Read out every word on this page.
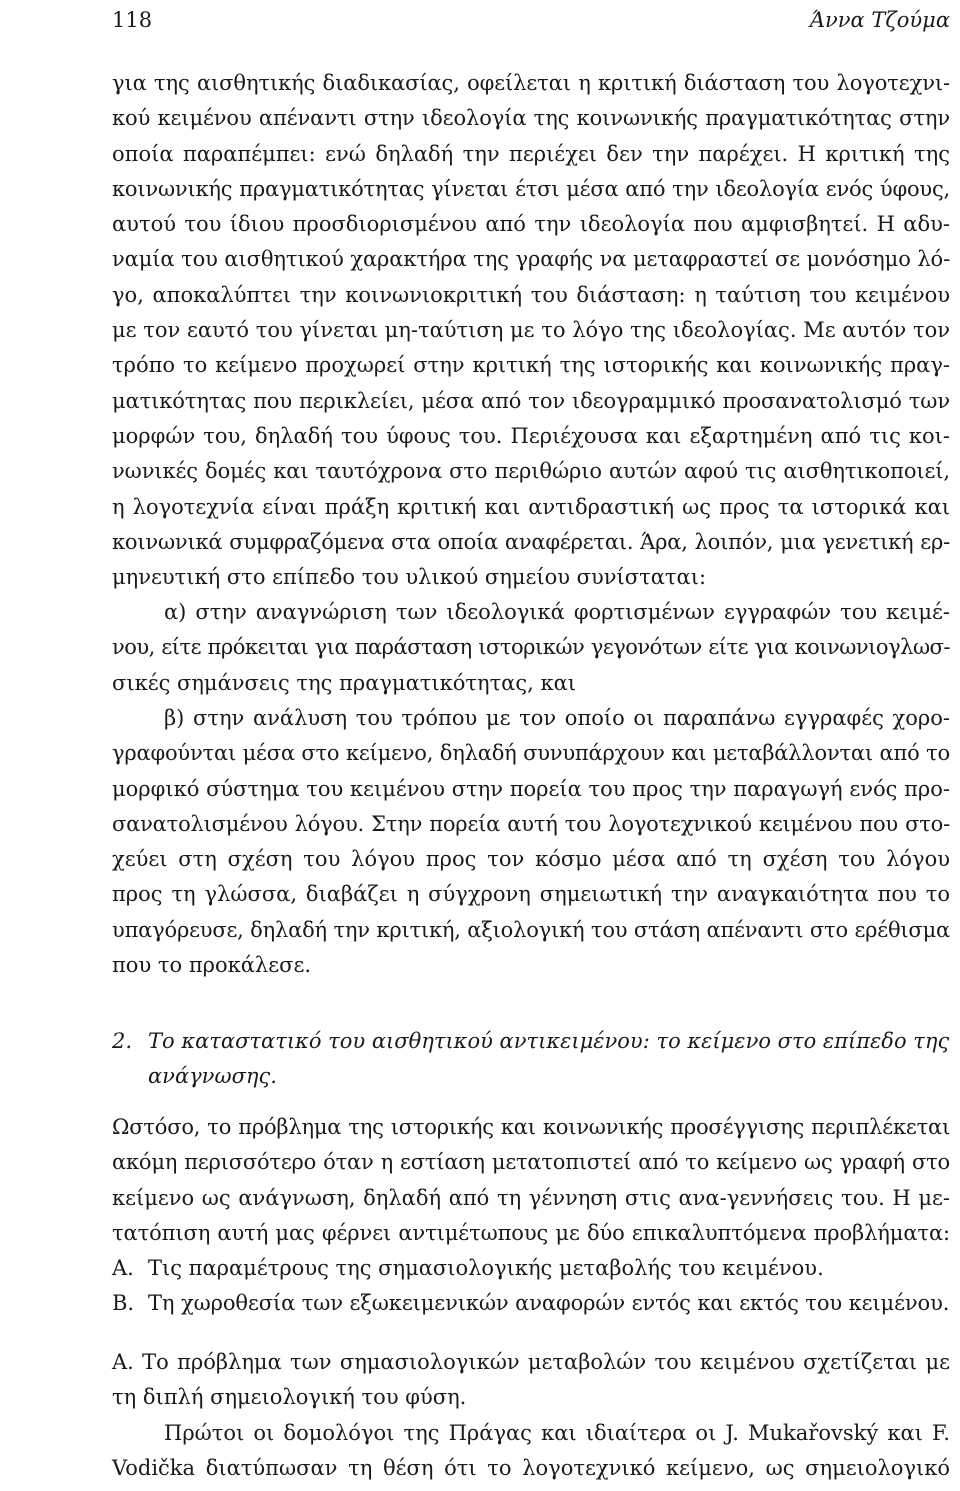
118	Άννα Τζούμα
για της αισθητικής διαδικασίας, οφείλεται η κριτική διάσταση του λογοτεχνι-
κού κειμένου απέναντι στην ιδεολογία της κοινωνικής πραγματικότητας στην
οποία παραπέμπει: ενώ δηλαδή την περιέχει δεν την παρέχει. Η κριτική της
κοινωνικής πραγματικότητας γίνεται έτσι μέσα από την ιδεολογία ενός ύφους,
αυτού του ίδιου προσδιορισμένου από την ιδεολογία που αμφισβητεί. Η αδυ-
ναμία του αισθητικού χαρακτήρα της γραφής να μεταφραστεί σε μονόσημο λό-
γο, αποκαλύπτει την κοινωνιοκριτική του διάσταση: η ταύτιση του κειμένου
με τον εαυτό του γίνεται μη-ταύτιση με το λόγο της ιδεολογίας. Με αυτόν τον
τρόπο το κείμενο προχωρεί στην κριτική της ιστορικής και κοινωνικής πραγ-
ματικότητας που περικλείει, μέσα από τον ιδεογραμμικό προσανατολισμό των
μορφών του, δηλαδή του ύφους του. Περιέχουσα και εξαρτημένη από τις κοι-
νωνικές δομές και ταυτόχρονα στο περιθώριο αυτών αφού τις αισθητικοποιεί,
η λογοτεχνία είναι πράξη κριτική και αντιδραστική ως προς τα ιστορικά και
κοινωνικά συμφραζόμενα στα οποία αναφέρεται. Άρα, λοιπόν, μια γενετική ερ-
μηνευτική στο επίπεδο του υλικού σημείου συνίσταται:
α) στην αναγνώριση των ιδεολογικά φορτισμένων εγγραφών του κειμέ-
νου, είτε πρόκειται για παράσταση ιστορικών γεγονότων είτε για κοινωνιογλωσ-
σικές σημάνσεις της πραγματικότητας, και
β) στην ανάλυση του τρόπου με τον οποίο οι παραπάνω εγγραφές χορο-
γραφούνται μέσα στο κείμενο, δηλαδή συνυπάρχουν και μεταβάλλονται από το
μορφικό σύστημα του κειμένου στην πορεία του προς την παραγωγή ενός προ-
σανατολισμένου λόγου. Στην πορεία αυτή του λογοτεχνικού κειμένου που στο-
χεύει στη σχέση του λόγου προς τον κόσμο μέσα από τη σχέση του λόγου
προς τη γλώσσα, διαβάζει η σύγχρονη σημειωτική την αναγκαιότητα που το
υπαγόρευσε, δηλαδή την κριτική, αξιολογική του στάση απέναντι στο ερέθισμα
που το προκάλεσε.
2. Το καταστατικό του αισθητικού αντικειμένου: το κείμενο στο επίπεδο της
ανάγνωσης.
Ωστόσο, το πρόβλημα της ιστορικής και κοινωνικής προσέγγισης περιπλέκεται
ακόμη περισσότερο όταν η εστίαση μετατοπιστεί από το κείμενο ως γραφή στο
κείμενο ως ανάγνωση, δηλαδή από τη γέννηση στις ανα-γεννήσεις του. Η με-
τατόπιση αυτή μας φέρνει αντιμέτωπους με δύο επικαλυπτόμενα προβλήματα:
Α. Τις παραμέτρους της σημασιολογικής μεταβολής του κειμένου.
Β. Τη χωροθεσία των εξωκειμενικών αναφορών εντός και εκτός του κειμένου.
Α. Το πρόβλημα των σημασιολογικών μεταβολών του κειμένου σχετίζεται με
τη διπλή σημειολογική του φύση.
Πρώτοι οι δομολόγοι της Πράγας και ιδιαίτερα οι J. Mukařovský και F.
Vodička διατύπωσαν τη θέση ότι το λογοτεχνικό κείμενο, ως σημειολογικό
